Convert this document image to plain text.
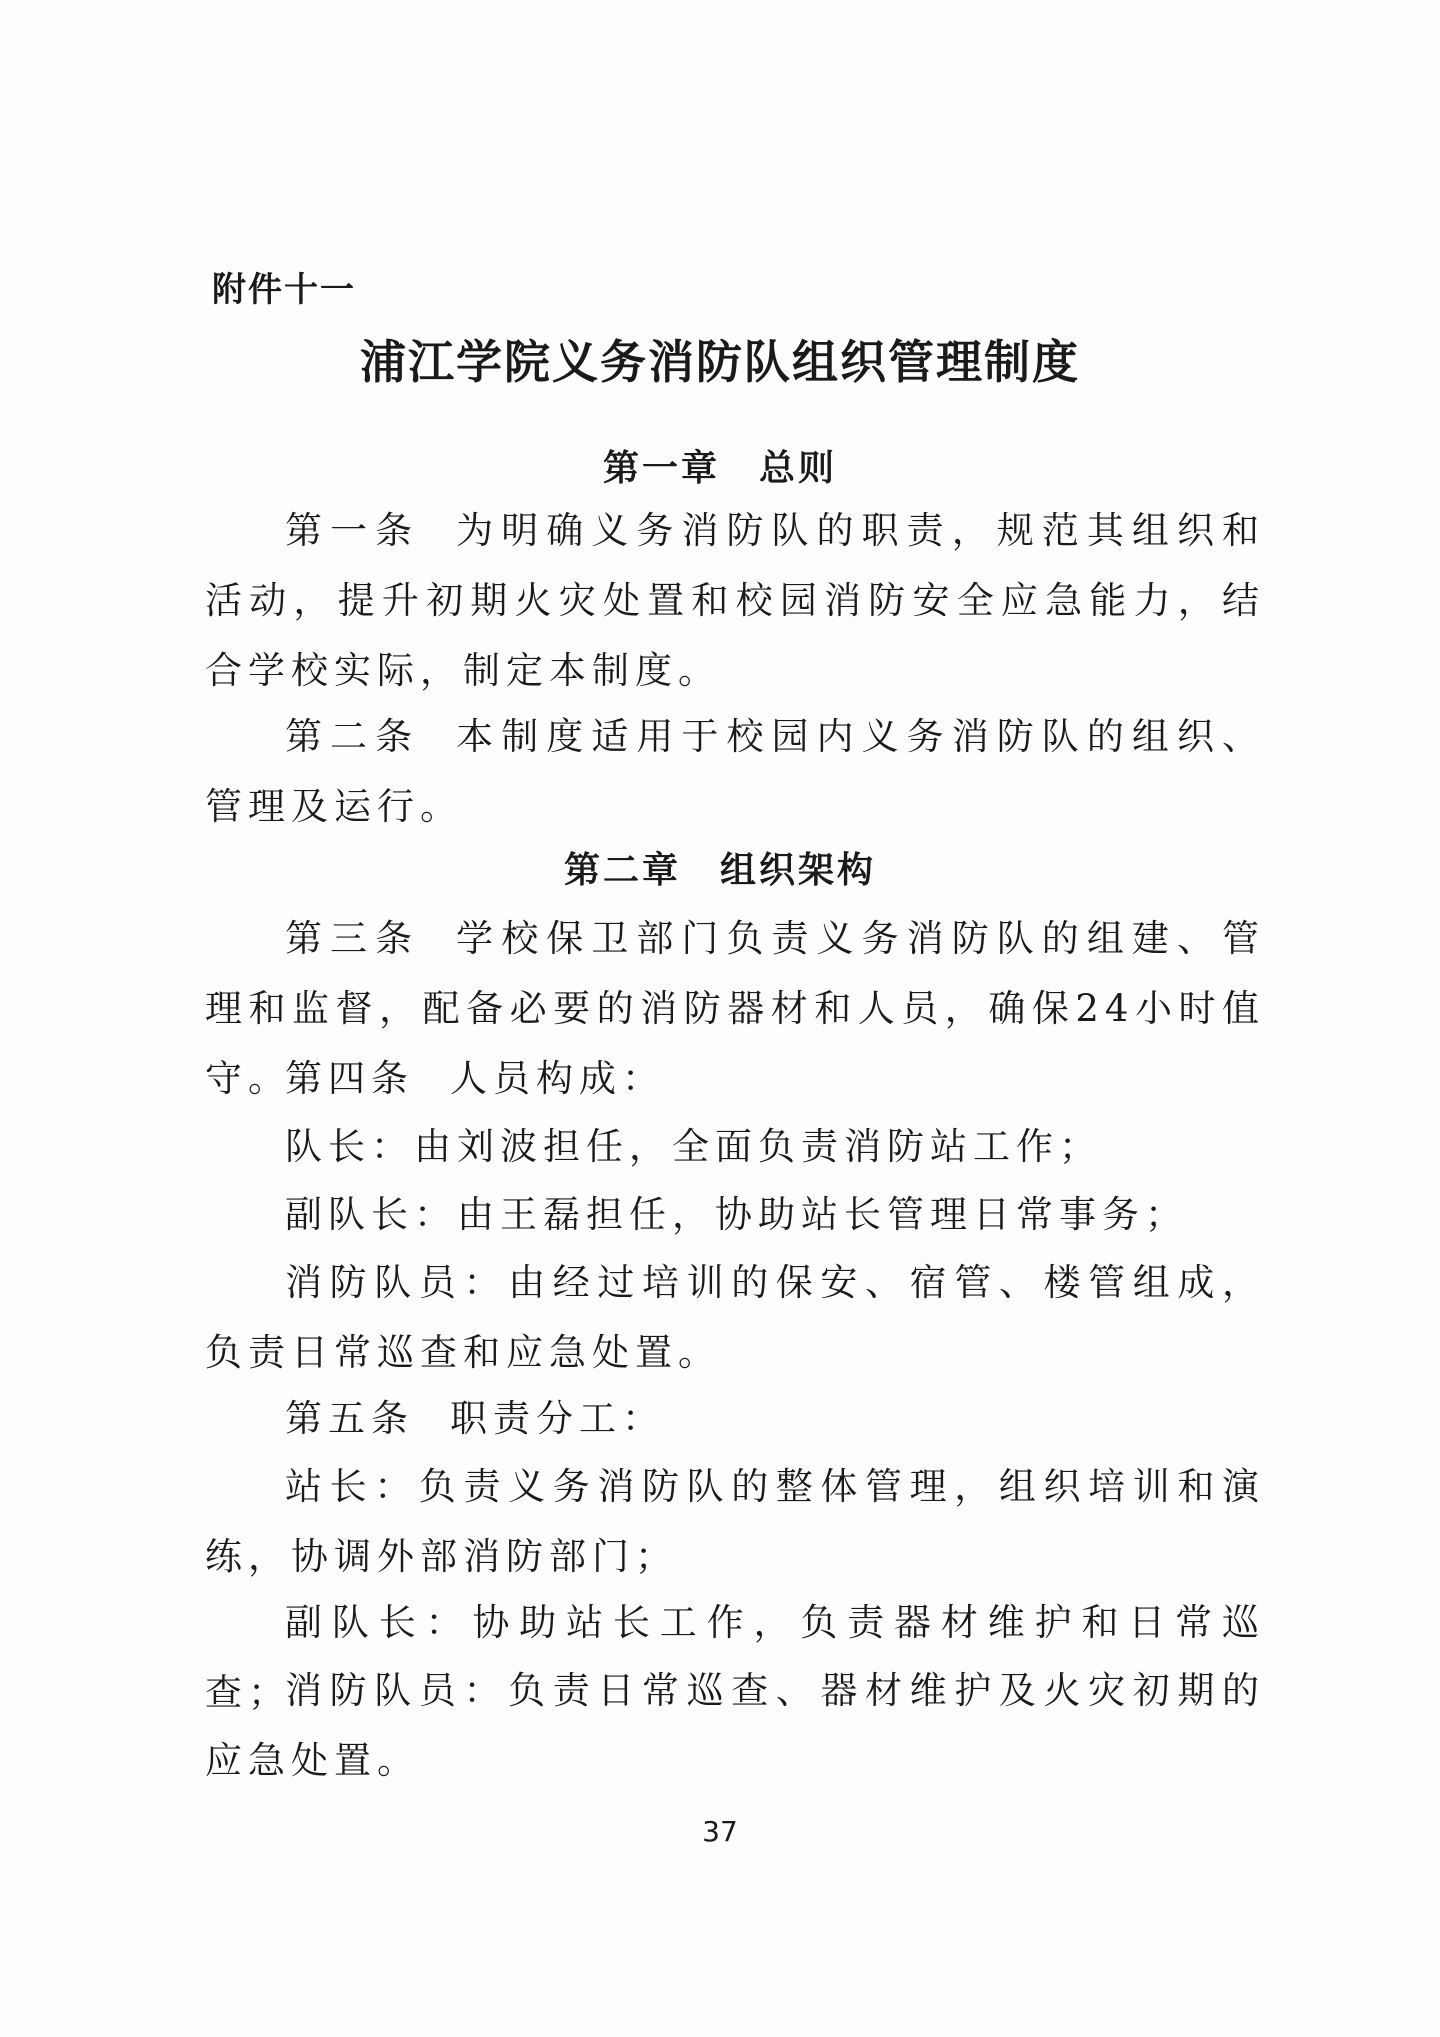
附件十一
浦江学院义务消防队组织管理制度
第一章　总则
第一条 为明确义务消防队的职责，规范其组织和活动，提升初期火灾处置和校园消防安全应急能力，结合学校实际，制定本制度。
第二条 本制度适用于校园内义务消防队的组织、管理及运行。
第二章　组织架构
第三条 学校保卫部门负责义务消防队的组建、管理和监督，配备必要的消防器材和人员，确保24小时值守。
第四条 人员构成：
队长：由刘波担任，全面负责消防站工作；
副队长：由王磊担任，协助站长管理日常事务；
消防队员：由经过培训的保安、宿管、楼管组成，负责日常巡查和应急处置。
第五条 职责分工：
站长：负责义务消防队的整体管理，组织培训和演练，协调外部消防部门；
副队长：协助站长工作，负责器材维护和日常巡查；
消防队员：负责日常巡查、器材维护及火灾初期的应急处置。
37
